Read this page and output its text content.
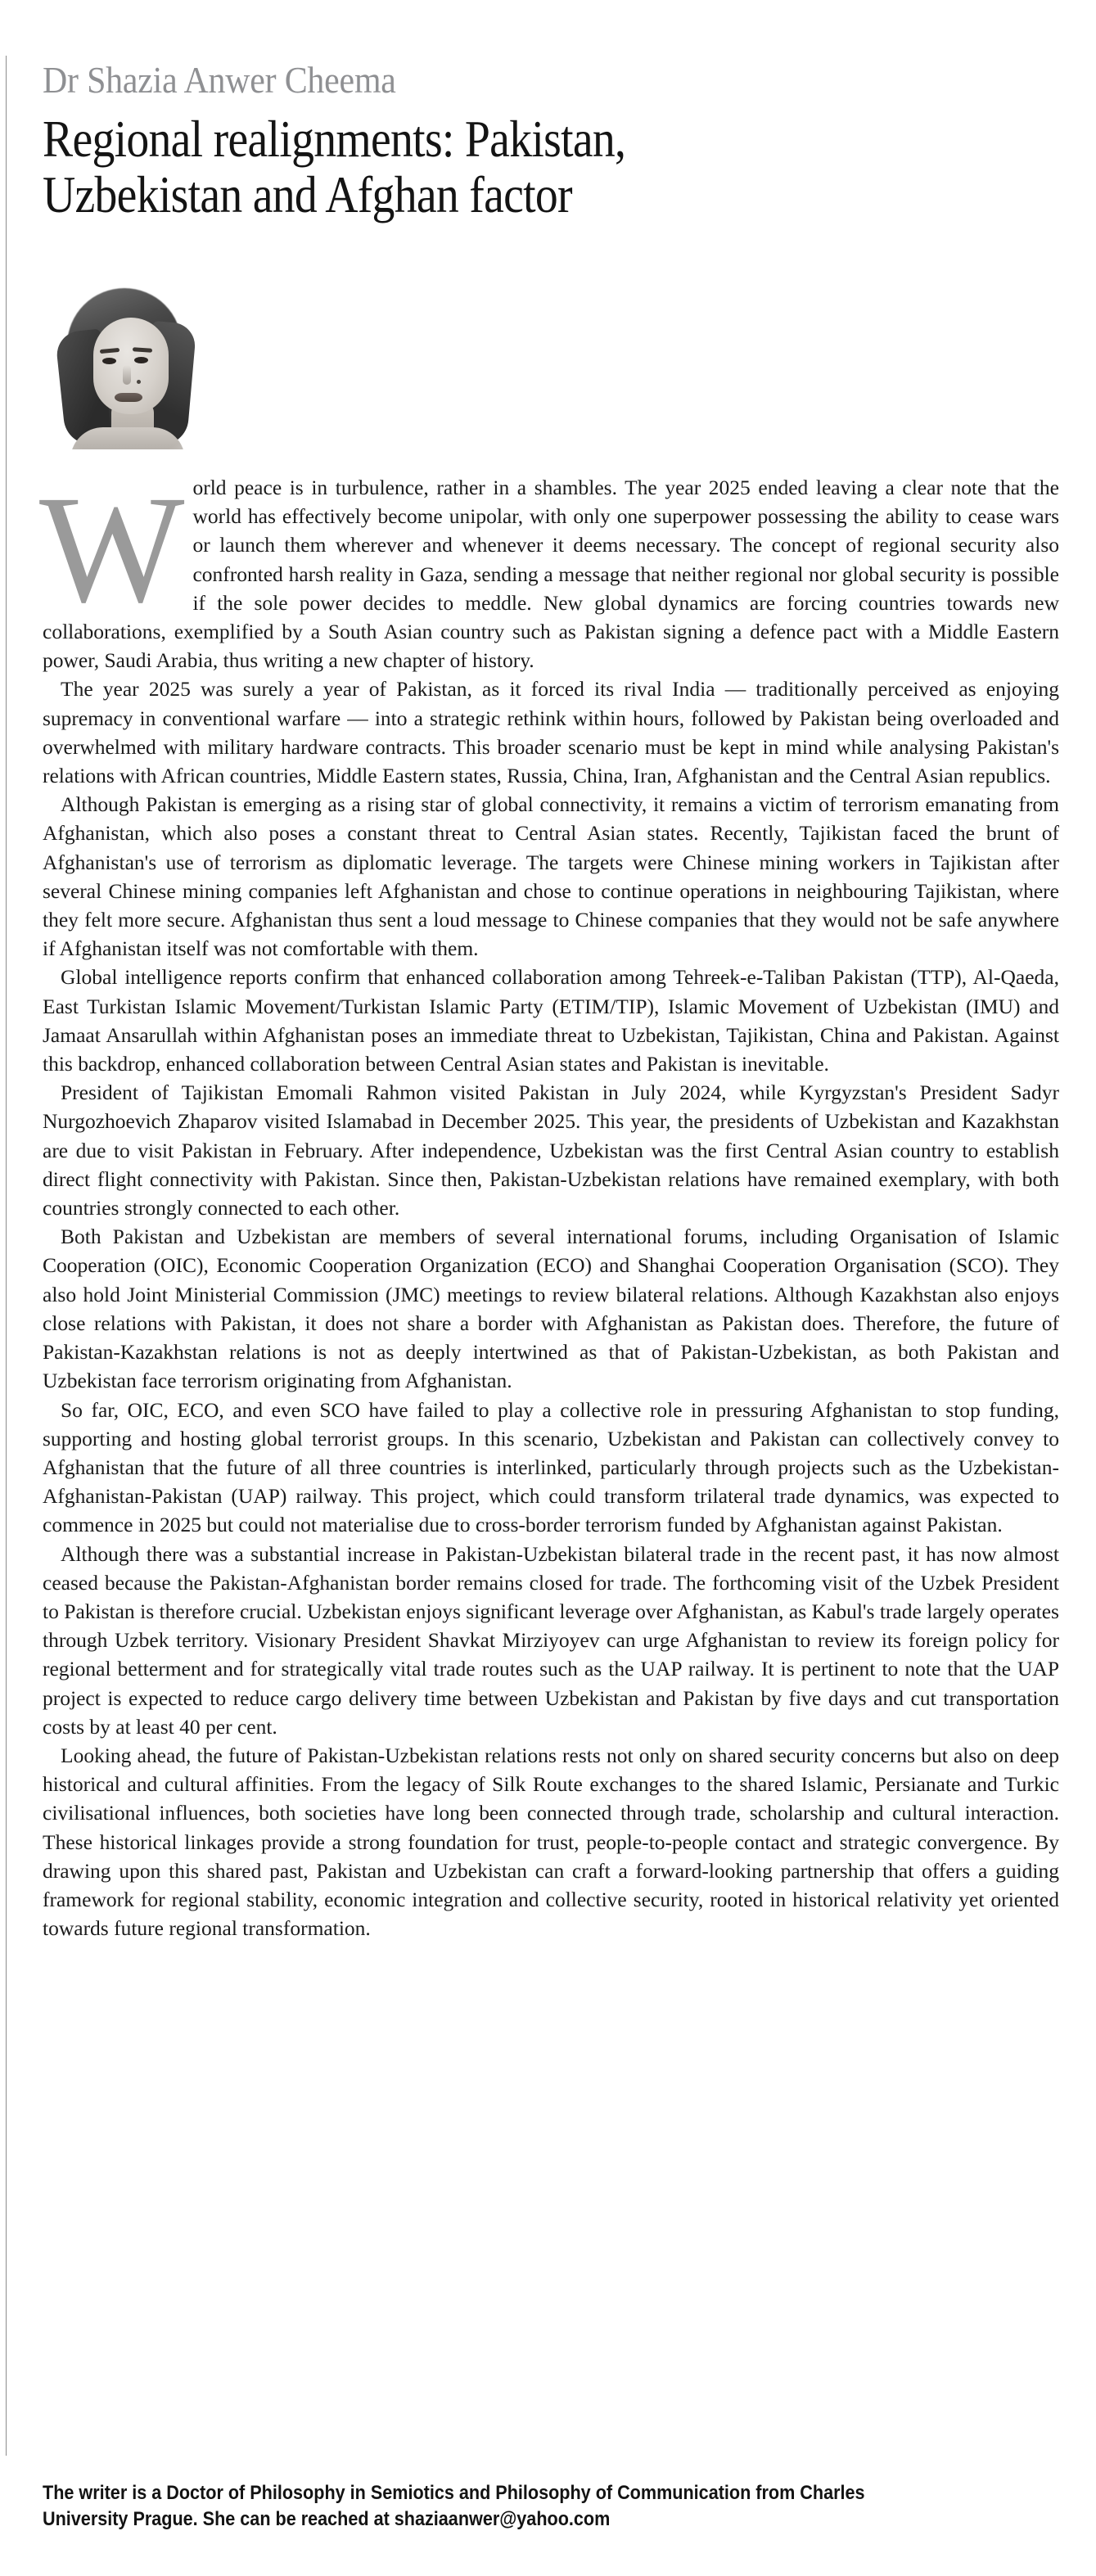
Dr Shazia Anwer Cheema
Regional realignments: Pakistan,
Uzbekistan and Afghan factor
W orld peace is in turbulence, rather in a shambles. The year 2025 ended leaving a clear note that the world has effectively become unipolar, with only one superpower possessing the ability to cease wars or launch them wherever and whenever it deems necessary. The concept of regional security also confronted harsh reality in Gaza, sending a message that neither regional nor global security is possible if the sole power decides to meddle. New global dynamics are forcing countries towards new collaborations, exemplified by a South Asian country such as Pakistan signing a defence pact with a Middle Eastern power, Saudi Arabia, thus writing a new chapter of history.

The year 2025 was surely a year of Pakistan, as it forced its rival India — traditionally perceived as enjoying supremacy in conventional warfare — into a strategic rethink within hours, followed by Pakistan being overloaded and overwhelmed with military hardware contracts. This broader scenario must be kept in mind while analysing Pakistan's relations with African countries, Middle Eastern states, Russia, China, Iran, Afghanistan and the Central Asian republics.

Although Pakistan is emerging as a rising star of global connectivity, it remains a victim of terrorism emanating from Afghanistan, which also poses a constant threat to Central Asian states. Recently, Tajikistan faced the brunt of Afghanistan's use of terrorism as diplomatic leverage. The targets were Chinese mining workers in Tajikistan after several Chinese mining companies left Afghanistan and chose to continue operations in neighbouring Tajikistan, where they felt more secure. Afghanistan thus sent a loud message to Chinese companies that they would not be safe anywhere if Afghanistan itself was not comfortable with them.

Global intelligence reports confirm that enhanced collaboration among Tehreek-e-Taliban Pakistan (TTP), Al-Qaeda, East Turkistan Islamic Movement/Turkistan Islamic Party (ETIM/TIP), Islamic Movement of Uzbekistan (IMU) and Jamaat Ansarullah within Afghanistan poses an immediate threat to Uzbekistan, Tajikistan, China and Pakistan. Against this backdrop, enhanced collaboration between Central Asian states and Pakistan is inevitable.

President of Tajikistan Emomali Rahmon visited Pakistan in July 2024, while Kyrgyzstan's President Sadyr Nurgozhoevich Zhaparov visited Islamabad in December 2025. This year, the presidents of Uzbekistan and Kazakhstan are due to visit Pakistan in February. After independence, Uzbekistan was the first Central Asian country to establish direct flight connectivity with Pakistan. Since then, Pakistan-Uzbekistan relations have remained exemplary, with both countries strongly connected to each other.

Both Pakistan and Uzbekistan are members of several international forums, including Organisation of Islamic Cooperation (OIC), Economic Cooperation Organization (ECO) and Shanghai Cooperation Organisation (SCO). They also hold Joint Ministerial Commission (JMC) meetings to review bilateral relations. Although Kazakhstan also enjoys close relations with Pakistan, it does not share a border with Afghanistan as Pakistan does. Therefore, the future of Pakistan-Kazakhstan relations is not as deeply intertwined as that of Pakistan-Uzbekistan, as both Pakistan and Uzbekistan face terrorism originating from Afghanistan.

So far, OIC, ECO, and even SCO have failed to play a collective role in pressuring Afghanistan to stop funding, supporting and hosting global terrorist groups. In this scenario, Uzbekistan and Pakistan can collectively convey to Afghanistan that the future of all three countries is interlinked, particularly through projects such as the Uzbekistan-Afghanistan-Pakistan (UAP) railway. This project, which could transform trilateral trade dynamics, was expected to commence in 2025 but could not materialise due to cross-border terrorism funded by Afghanistan against Pakistan.

Although there was a substantial increase in Pakistan-Uzbekistan bilateral trade in the recent past, it has now almost ceased because the Pakistan-Afghanistan border remains closed for trade. The forthcoming visit of the Uzbek President to Pakistan is therefore crucial. Uzbekistan enjoys significant leverage over Afghanistan, as Kabul's trade largely operates through Uzbek territory. Visionary President Shavkat Mirziyoyev can urge Afghanistan to review its foreign policy for regional betterment and for strategically vital trade routes such as the UAP railway. It is pertinent to note that the UAP project is expected to reduce cargo delivery time between Uzbekistan and Pakistan by five days and cut transportation costs by at least 40 per cent.

Looking ahead, the future of Pakistan-Uzbekistan relations rests not only on shared security concerns but also on deep historical and cultural affinities. From the legacy of Silk Route exchanges to the shared Islamic, Persianate and Turkic civilisational influences, both societies have long been connected through trade, scholarship and cultural interaction. These historical linkages provide a strong foundation for trust, people-to-people contact and strategic convergence. By drawing upon this shared past, Pakistan and Uzbekistan can craft a forward-looking partnership that offers a guiding framework for regional stability, economic integration and collective security, rooted in historical relativity yet oriented towards future regional transformation.

The writer is a Doctor of Philosophy in Semiotics and Philosophy of Communication from Charles
University Prague. She can be reached at shaziaanwer@yahoo.com
